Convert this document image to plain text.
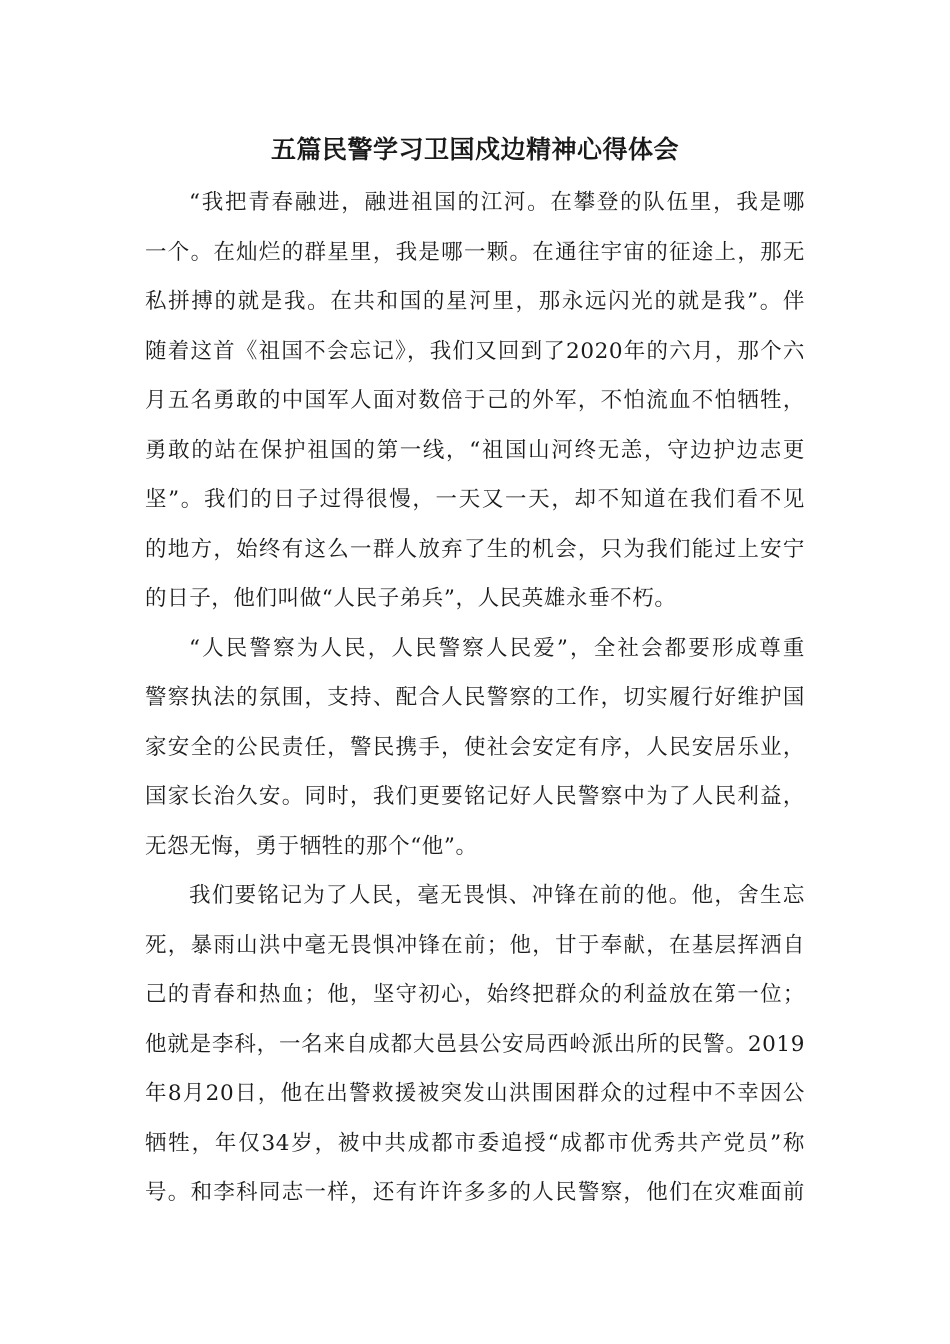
五篇民警学习卫国戍边精神心得体会
“我把青春融进，融进祖国的江河。在攀登的队伍里，我是哪
一个。在灿烂的群星里，我是哪一颗。在通往宇宙的征途上，那无
私拼搏的就是我。在共和国的星河里，那永远闪光的就是我”。伴
随着这首《祖国不会忘记》，我们又回到了2020年的六月，那个六
月五名勇敢的中国军人面对数倍于己的外军，不怕流血不怕牺牲，
勇敢的站在保护祖国的第一线，“祖国山河终无恙，守边护边志更
坚”。我们的日子过得很慢，一天又一天，却不知道在我们看不见
的地方，始终有这么一群人放弃了生的机会，只为我们能过上安宁
的日子，他们叫做“人民子弟兵”，人民英雄永垂不朽。
“人民警察为人民，人民警察人民爱”，全社会都要形成尊重
警察执法的氛围，支持、配合人民警察的工作，切实履行好维护国
家安全的公民责任，警民携手，使社会安定有序，人民安居乐业，
国家长治久安。同时，我们更要铭记好人民警察中为了人民利益，
无怨无悔，勇于牺牲的那个“他”。
我们要铭记为了人民，毫无畏惧、冲锋在前的他。他，舍生忘
死，暴雨山洪中毫无畏惧冲锋在前；他，甘于奉献，在基层挥洒自
己的青春和热血；他，坚守初心，始终把群众的利益放在第一位；
他就是李科，一名来自成都大邑县公安局西岭派出所的民警。2019
年8月20日，他在出警救援被突发山洪围困群众的过程中不幸因公
牺牲，年仅34岁，被中共成都市委追授“成都市优秀共产党员”称
号。和李科同志一样，还有许许多多的人民警察，他们在灾难面前
